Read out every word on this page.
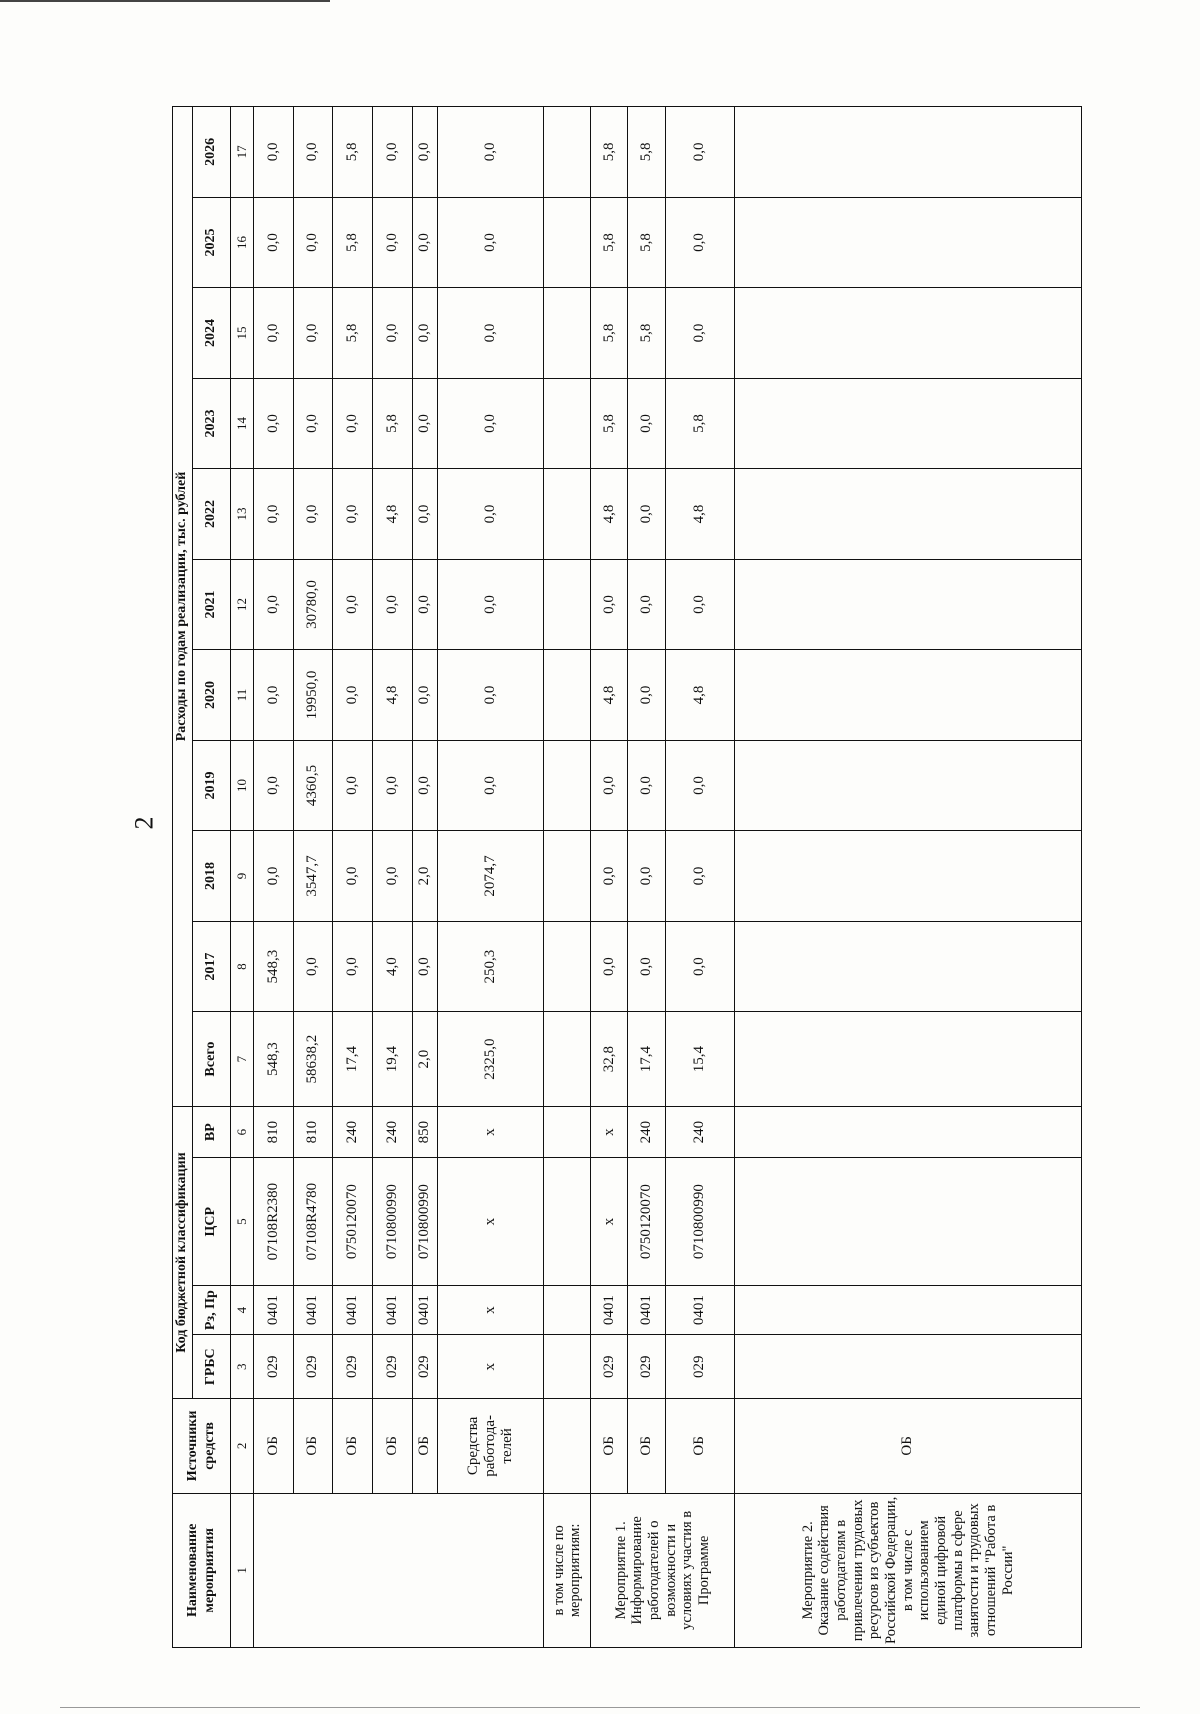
2
Наименование мероприятия	Источники средств	Код бюджетной классификации				Расходы по годам реализации, тыс. рублей										
		ГРБС	Рз, Пр	ЦСР	ВР	Всего	2017	2018	2019	2020	2021	2022	2023	2024	2025	2026
1	2	3	4	5	6	7	8	9	10	11	12	13	14	15	16	17
	ОБ	029	0401	07108R2380	810	548,3	548,3	0,0	0,0	0,0	0,0	0,0	0,0	0,0	0,0	0,0
	ОБ	029	0401	07108R4780	810	58638,2	0,0	3547,7	4360,5	19950,0	30780,0	0,0	0,0	0,0	0,0	0,0
	ОБ	029	0401	0750120070	240	17,4	0,0	0,0	0,0	0,0	0,0	0,0	0,0	5,8	5,8	5,8
	ОБ	029	0401	0710800990	240	19,4	4,0	0,0	0,0	4,8	0,0	4,8	5,8	0,0	0,0	0,0
	ОБ	029	0401	0710800990	850	2,0	0,0	2,0	0,0	0,0	0,0	0,0	0,0	0,0	0,0	0,0
	Средства работода-телей	x	x	x	x	2325,0	250,3	2074,7	0,0	0,0	0,0	0,0	0,0	0,0	0,0	0,0
в том числе по мероприятиям:																
Мероприятие 1. Информирование работодателей о возможности и условиях участия в Программе	ОБ	029	0401	x	x	32,8	0,0	0,0	0,0	4,8	0,0	4,8	5,8	5,8	5,8	5,8
	ОБ	029	0401	0750120070	240	17,4	0,0	0,0	0,0	0,0	0,0	0,0	0,0	5,8	5,8	5,8
	ОБ	029	0401	0710800990	240	15,4	0,0	0,0	0,0	4,8	0,0	4,8	5,8	0,0	0,0	0,0
Мероприятие 2. Оказание содействия работодателям в привлечении трудовых ресурсов из субъектов Российской Федерации, в том числе с использованием единой цифровой платформы в сфере занятости и трудовых отношений "Работа в России"	ОБ															
